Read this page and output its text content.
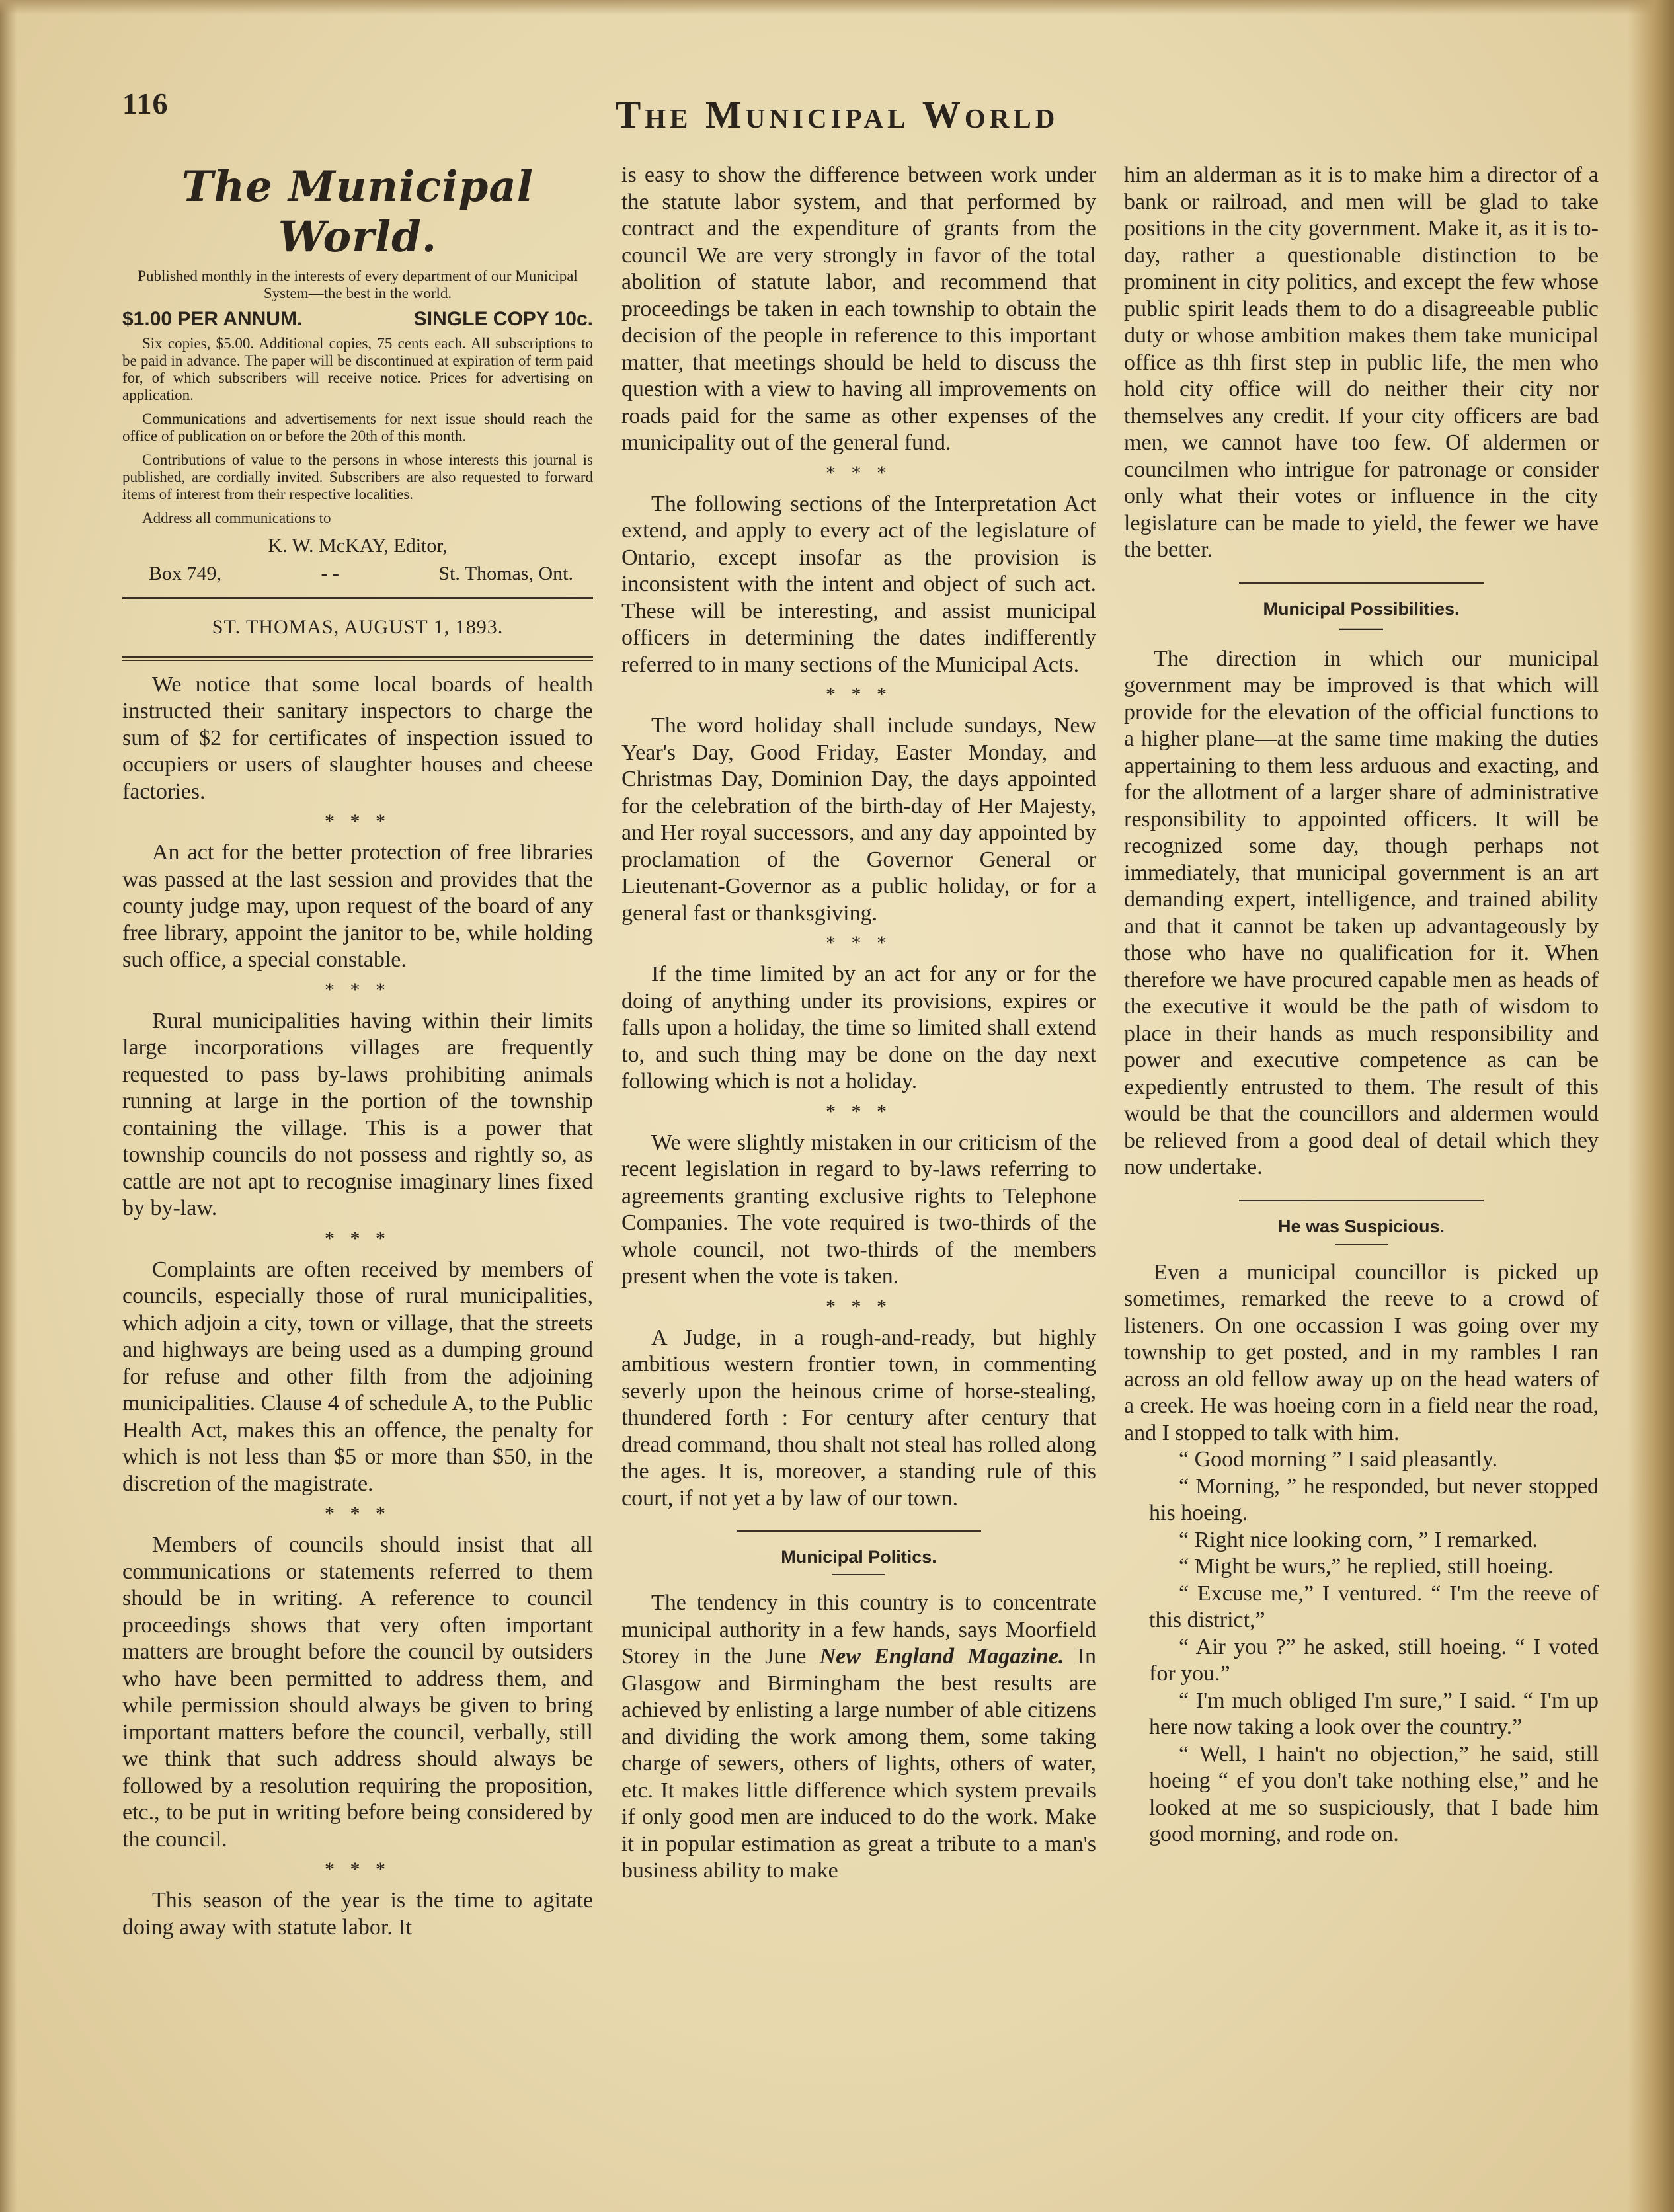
116	The Municipal World
The Municipal World.
Published monthly in the interests of every department of our Municipal System—the best in the world.
$1.00 PER ANNUM.	SINGLE COPY 10c.

Six copies, $5.00. Additional copies, 75 cents each. All subscriptions to be paid in advance. The paper will be discontinued at expiration of term paid for, of which subscribers will receive notice. Prices for advertising on application.

Communications and advertisements for next issue should reach the office of publication on or before the 20th of this month.

Contributions of value to the persons in whose interests this journal is published, are cordially invited. Subscribers are also requested to forward items of interest from their respective localities.

Address all communications to

K. W. McKAY, Editor,
Box 749,	- -	St. Thomas, Ont.
ST. THOMAS, AUGUST 1, 1893.

We notice that some local boards of health instructed their sanitary inspectors to charge the sum of $2 for certificates of inspection issued to occupiers or users of slaughter houses and cheese factories.

* * *

An act for the better protection of free libraries was passed at the last session and provides that the county judge may, upon request of the board of any free library, appoint the janitor to be, while holding such office, a special constable.

* * *

Rural municipalities having within their limits large incorporations villages are frequently requested to pass by-laws prohibiting animals running at large in the portion of the township containing the village. This is a power that township councils do not possess and rightly so, as cattle are not apt to recognise imaginary lines fixed by by-law.

* * *

Complaints are often received by members of councils, especially those of rural municipalities, which adjoin a city, town or village, that the streets and highways are being used as a dumping ground for refuse and other filth from the adjoining municipalities. Clause 4 of schedule A, to the Public Health Act, makes this an offence, the penalty for which is not less than $5 or more than $50, in the discretion of the magistrate.

* * *

Members of councils should insist that all communications or statements referred to them should be in writing. A reference to council proceedings shows that very often important matters are brought before the council by outsiders who have been permitted to address them, and while permission should always be given to bring important matters before the council, verbally, still we think that such address should always be followed by a resolution requiring the proposition, etc., to be put in writing before being considered by the council.

* * *

This season of the year is the time to agitate doing away with statute labor. It

is easy to show the difference between work under the statute labor system, and that performed by contract and the expenditure of grants from the council We are very strongly in favor of the total abolition of statute labor, and recommend that proceedings be taken in each township to obtain the decision of the people in reference to this important matter, that meetings should be held to discuss the question with a view to having all improvements on roads paid for the same as other expenses of the municipality out of the general fund.

* * *

The following sections of the Interpretation Act extend, and apply to every act of the legislature of Ontario, except insofar as the provision is inconsistent with the intent and object of such act. These will be interesting, and assist municipal officers in determining the dates indifferently referred to in many sections of the Municipal Acts.

* * *

The word holiday shall include sundays, New Year's Day, Good Friday, Easter Monday, and Christmas Day, Dominion Day, the days appointed for the celebration of the birth-day of Her Majesty, and Her royal successors, and any day appointed by proclamation of the Governor General or Lieutenant-Governor as a public holiday, or for a general fast or thanksgiving.

* * *

If the time limited by an act for any or for the doing of anything under its provisions, expires or falls upon a holiday, the time so limited shall extend to, and such thing may be done on the day next following which is not a holiday.

* * *

We were slightly mistaken in our criticism of the recent legislation in regard to by-laws referring to agreements granting exclusive rights to Telephone Companies. The vote required is two-thirds of the whole council, not two-thirds of the members present when the vote is taken.

* * *

A Judge, in a rough-and-ready, but highly ambitious western frontier town, in commenting severly upon the heinous crime of horse-stealing, thundered forth : For century after century that dread command, thou shalt not steal has rolled along the ages. It is, moreover, a standing rule of this court, if not yet a by law of our town.

Municipal Politics.

The tendency in this country is to concentrate municipal authority in a few hands, says Moorfield Storey in the June New England Magazine. In Glasgow and Birmingham the best results are achieved by enlisting a large number of able citizens and dividing the work among them, some taking charge of sewers, others of lights, others of water, etc. It makes little difference which system prevails if only good men are induced to do the work. Make it in popular estimation as great a tribute to a man's business ability to make

him an alderman as it is to make him a director of a bank or railroad, and men will be glad to take positions in the city government. Make it, as it is to-day, rather a questionable distinction to be prominent in city politics, and except the few whose public spirit leads them to do a disagreeable public duty or whose ambition makes them take municipal office as thh first step in public life, the men who hold city office will do neither their city nor themselves any credit. If your city officers are bad men, we cannot have too few. Of aldermen or councilmen who intrigue for patronage or consider only what their votes or influence in the city legislature can be made to yield, the fewer we have the better.

Municipal Possibilities.
———

The direction in which our municipal government may be improved is that which will provide for the elevation of the official functions to a higher plane—at the same time making the duties appertaining to them less arduous and exacting, and for the allotment of a larger share of administrative responsibility to appointed officers. It will be recognized some day, though perhaps not immediately, that municipal government is an art demanding expert, intelligence, and trained ability and that it cannot be taken up advantageously by those who have no qualification for it. When therefore we have procured capable men as heads of the executive it would be the path of wisdom to place in their hands as much responsibility and power and executive competence as can be expediently entrusted to them. The result of this would be that the councillors and aldermen would be relieved from a good deal of detail which they now undertake.

He was Suspicious.

Even a municipal councillor is picked up sometimes, remarked the reeve to a crowd of listeners. On one occassion I was going over my township to get posted, and in my rambles I ran across an old fellow away up on the head waters of a creek. He was hoeing corn in a field near the road, and I stopped to talk with him.

“ Good morning ” I said pleasantly.

“ Morning, ” he responded, but never stopped his hoeing.

“ Right nice looking corn, ” I remarked.

“ Might be wurs,” he replied, still hoeing.

“ Excuse me,” I ventured. “ I'm the reeve of this district,”

“ Air you ?” he asked, still hoeing. “ I voted for you.”

“ I'm much obliged I'm sure,” I said. “ I'm up here now taking a look over the country.”

“ Well, I hain't no objection,” he said, still hoeing “ ef you don't take nothing else,” and he looked at me so suspiciously, that I bade him good morning, and rode on.
